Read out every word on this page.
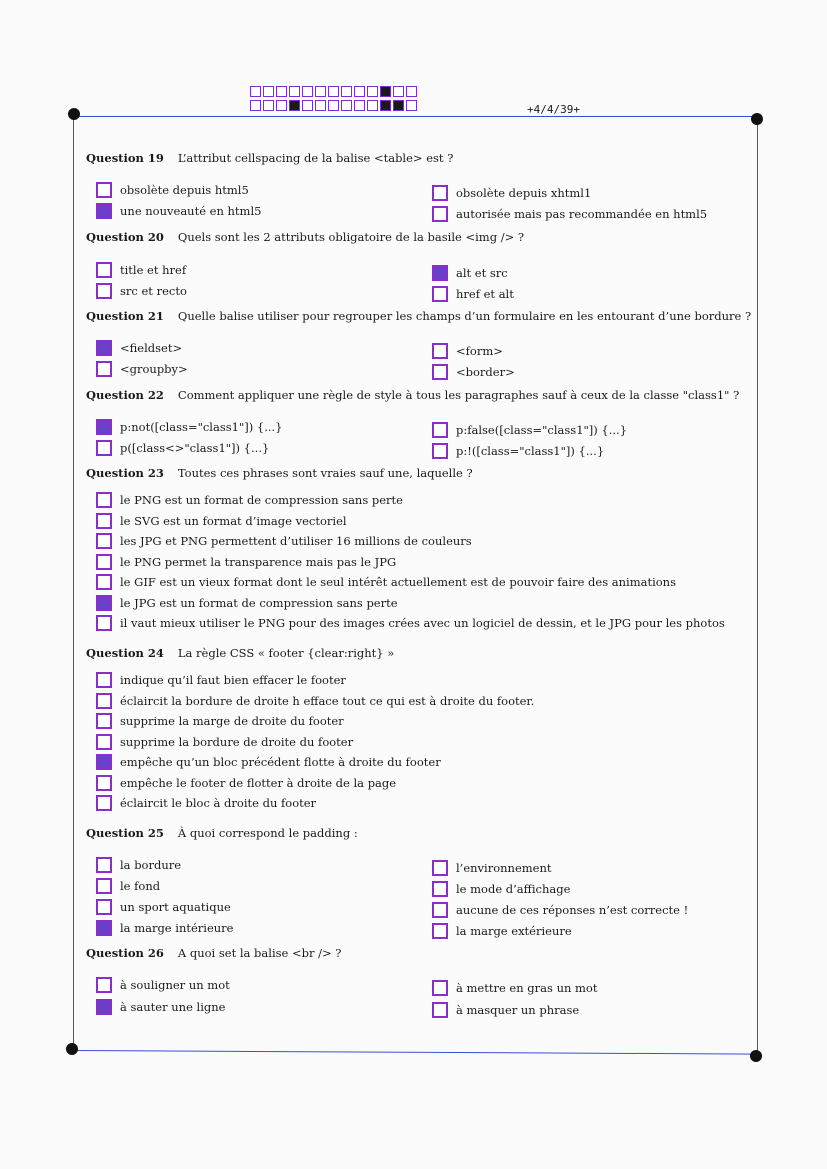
+4/4/39+
Question 19 L’attribut cellspacing de la balise <table> est ?
obsolète depuis html5	obsolète depuis xhtml1
une nouveauté en html5	autorisée mais pas recommandée en html5
Question 20 Quels sont les 2 attributs obligatoire de la basile <img /> ?
title et href	alt et src
src et recto	href et alt
Question 21 Quelle balise utiliser pour regrouper les champs d’un formulaire en les entourant d’une bordure ?
<fieldset>	<form>
<groupby>	<border>
Question 22 Comment appliquer une règle de style à tous les paragraphes sauf à ceux de la classe "class1" ?
p:not([class="class1"]) {...}	p:false([class="class1"]) {...}
p([class<>"class1"]) {...}	p:!([class="class1"]) {...}
Question 23 Toutes ces phrases sont vraies sauf une, laquelle ?
le PNG est un format de compression sans perte
le SVG est un format d’image vectoriel
les JPG et PNG permettent d’utiliser 16 millions de couleurs
le PNG permet la transparence mais pas le JPG
le GIF est un vieux format dont le seul intérêt actuellement est de pouvoir faire des animations
le JPG est un format de compression sans perte
il vaut mieux utiliser le PNG pour des images crées avec un logiciel de dessin, et le JPG pour les photos
Question 24 La règle CSS « footer {clear:right} »
indique qu’il faut bien effacer le footer
éclaircit la bordure de droite h efface tout ce qui est à droite du footer.
supprime la marge de droite du footer
supprime la bordure de droite du footer
empêche qu’un bloc précédent flotte à droite du footer
empêche le footer de flotter à droite de la page
éclaircit le bloc à droite du footer
Question 25 À quoi correspond le padding :
la bordure	l’environnement
le fond	le mode d’affichage
un sport aquatique	aucune de ces réponses n’est correcte !
la marge intérieure	la marge extérieure
Question 26 A quoi set la balise <br /> ?
à souligner un mot	à mettre en gras un mot
à sauter une ligne	à masquer un phrase
